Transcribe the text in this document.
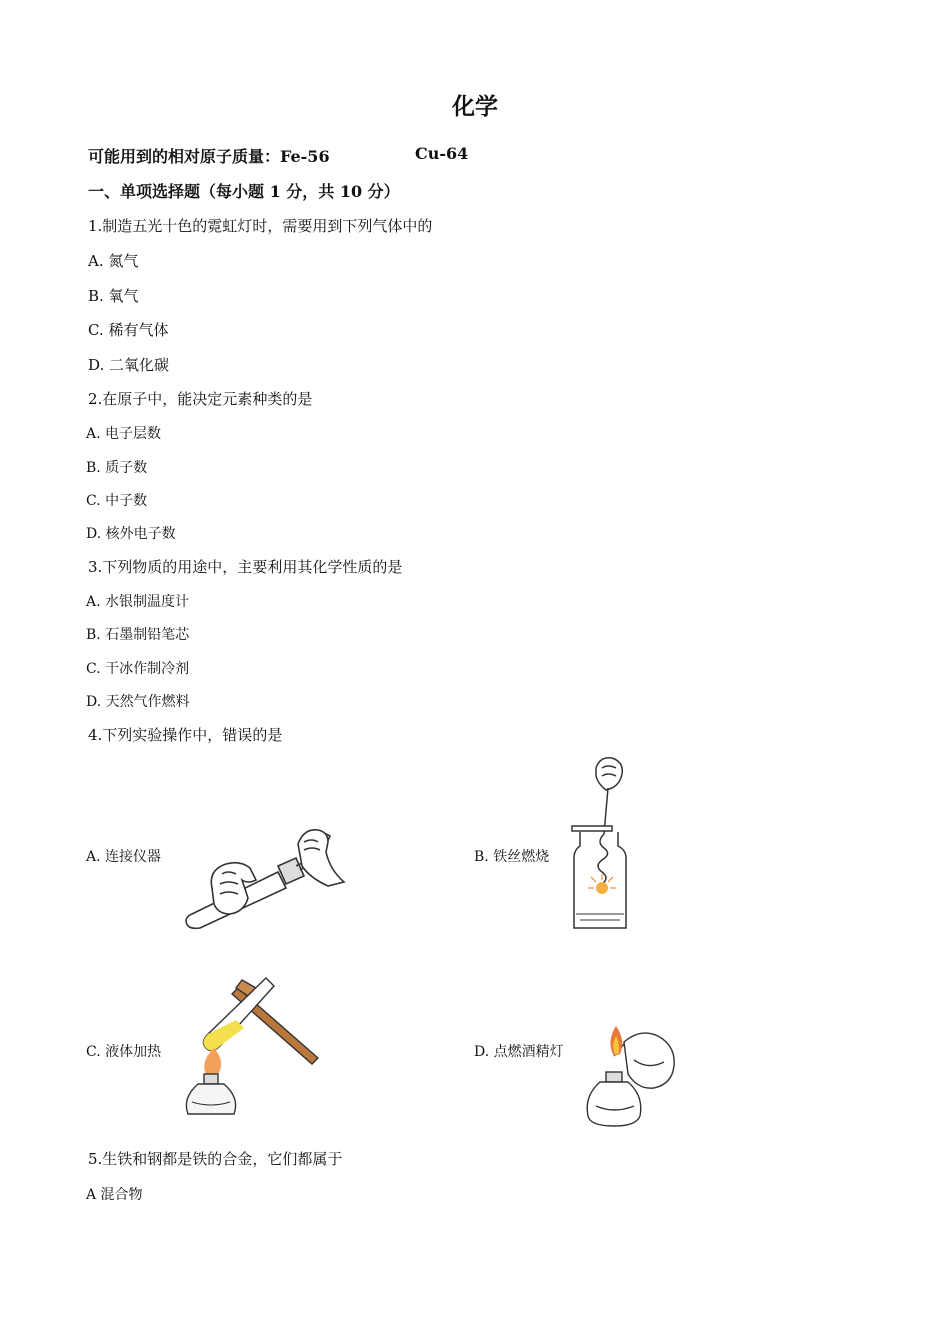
化学
可能用到的相对原子质量：Fe-56	Cu-64
一、单项选择题（每小题 1 分，共 10 分）
1.制造五光十色的霓虹灯时，需要用到下列气体中的
A. 氮气
B. 氧气
C. 稀有气体
D. 二氧化碳
2.在原子中，能决定元素种类的是
A. 电子层数
B. 质子数
C. 中子数
D. 核外电子数
3.下列物质的用途中，主要利用其化学性质的是
A. 水银制温度计
B. 石墨制铅笔芯
C. 干冰作制冷剂
D. 天然气作燃料
4.下列实验操作中，错误的是
A. 连接仪器	B. 铁丝燃烧
C. 液体加热	D. 点燃酒精灯
5.生铁和钢都是铁的合金，它们都属于
A 混合物
